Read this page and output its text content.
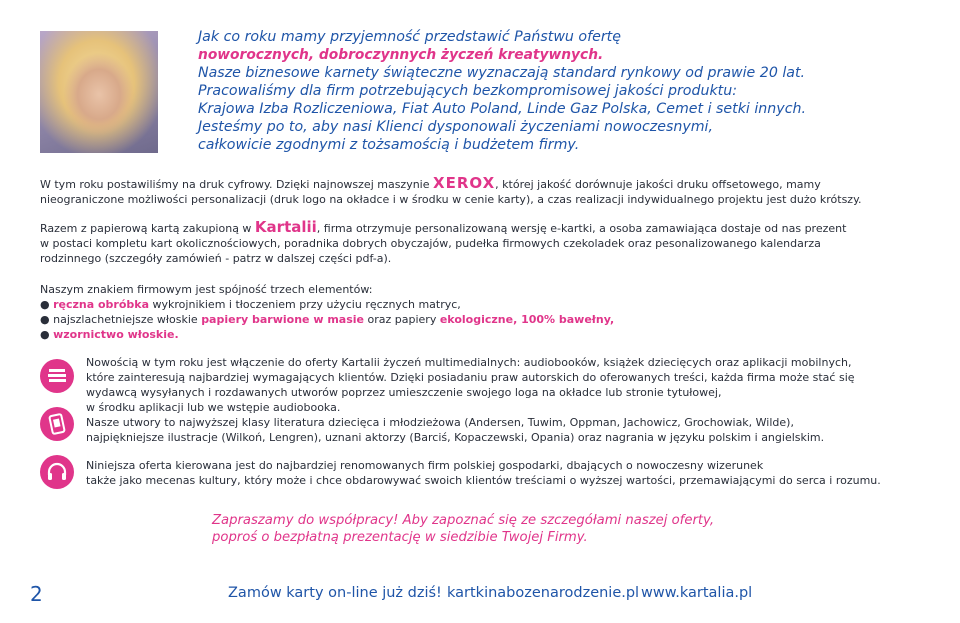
Jak co roku mamy przyjemność przedstawić Państwu ofertę
noworocznych, dobroczynnych życzeń kreatywnych.
Nasze biznesowe karnety świąteczne wyznaczają standard rynkowy od prawie 20 lat.
Pracowaliśmy dla firm potrzebujących bezkompromisowej jakości produktu:
Krajowa Izba Rozliczeniowa, Fiat Auto Poland, Linde Gaz Polska, Cemet i setki innych.
Jesteśmy po to, aby nasi Klienci dysponowali życzeniami nowoczesnymi,
całkowicie zgodnymi z tożsamością i budżetem firmy.
W tym roku postawiliśmy na druk cyfrowy. Dzięki najnowszej maszynie XEROX, której jakość dorównuje jakości druku offsetowego, mamy
nieograniczone możliwości personalizacji (druk logo na okładce i w środku w cenie karty), a czas realizacji indywidualnego projektu jest dużo krótszy.
Razem z papierową kartą zakupioną w Kartalii, firma otrzymuje personalizowaną wersję e-kartki, a osoba zamawiająca dostaje od nas prezent
w postaci kompletu kart okolicznościowych, poradnika dobrych obyczajów, pudełka firmowych czekoladek oraz pesonalizowanego kalendarza
rodzinnego (szczegóły zamówień - patrz w dalszej części pdf-a).
Naszym znakiem firmowym jest spójność trzech elementów:
● ręczna obróbka wykrojnikiem i tłoczeniem przy użyciu ręcznych matryc,
● najszlachetniejsze włoskie papiery barwione w masie oraz papiery ekologiczne, 100% bawełny,
● wzornictwo włoskie.
Nowością w tym roku jest włączenie do oferty Kartalii życzeń multimedialnych: audiobooków, książek dziecięcych oraz aplikacji mobilnych,
które zainteresują najbardziej wymagających klientów. Dzięki posiadaniu praw autorskich do oferowanych treści, każda firma może stać się
wydawcą wysyłanych i rozdawanych utworów poprzez umieszczenie swojego loga na okładce lub stronie tytułowej,
w środku aplikacji lub we wstępie audiobooka.
Nasze utwory to najwyższej klasy literatura dziecięca i młodzieżowa (Andersen, Tuwim, Oppman, Jachowicz, Grochowiak, Wilde),
najpiękniejsze ilustracje (Wilkoń, Lengren), uznani aktorzy (Barciś, Kopaczewski, Opania) oraz nagrania w języku polskim i angielskim.
Niniejsza oferta kierowana jest do najbardziej renomowanych firm polskiej gospodarki, dbających o nowoczesny wizerunek
także jako mecenas kultury, który może i chce obdarowywać swoich klientów treściami o wyższej wartości, przemawiającymi do serca i rozumu.
Zapraszamy do współpracy! Aby zapoznać się ze szczegółami naszej oferty,
poproś o bezpłatną prezentację w siedzibie Twojej Firmy.
2	Zamów karty on-line już dziś! kartkinabozenarodzenie.pl www.kartalia.pl
